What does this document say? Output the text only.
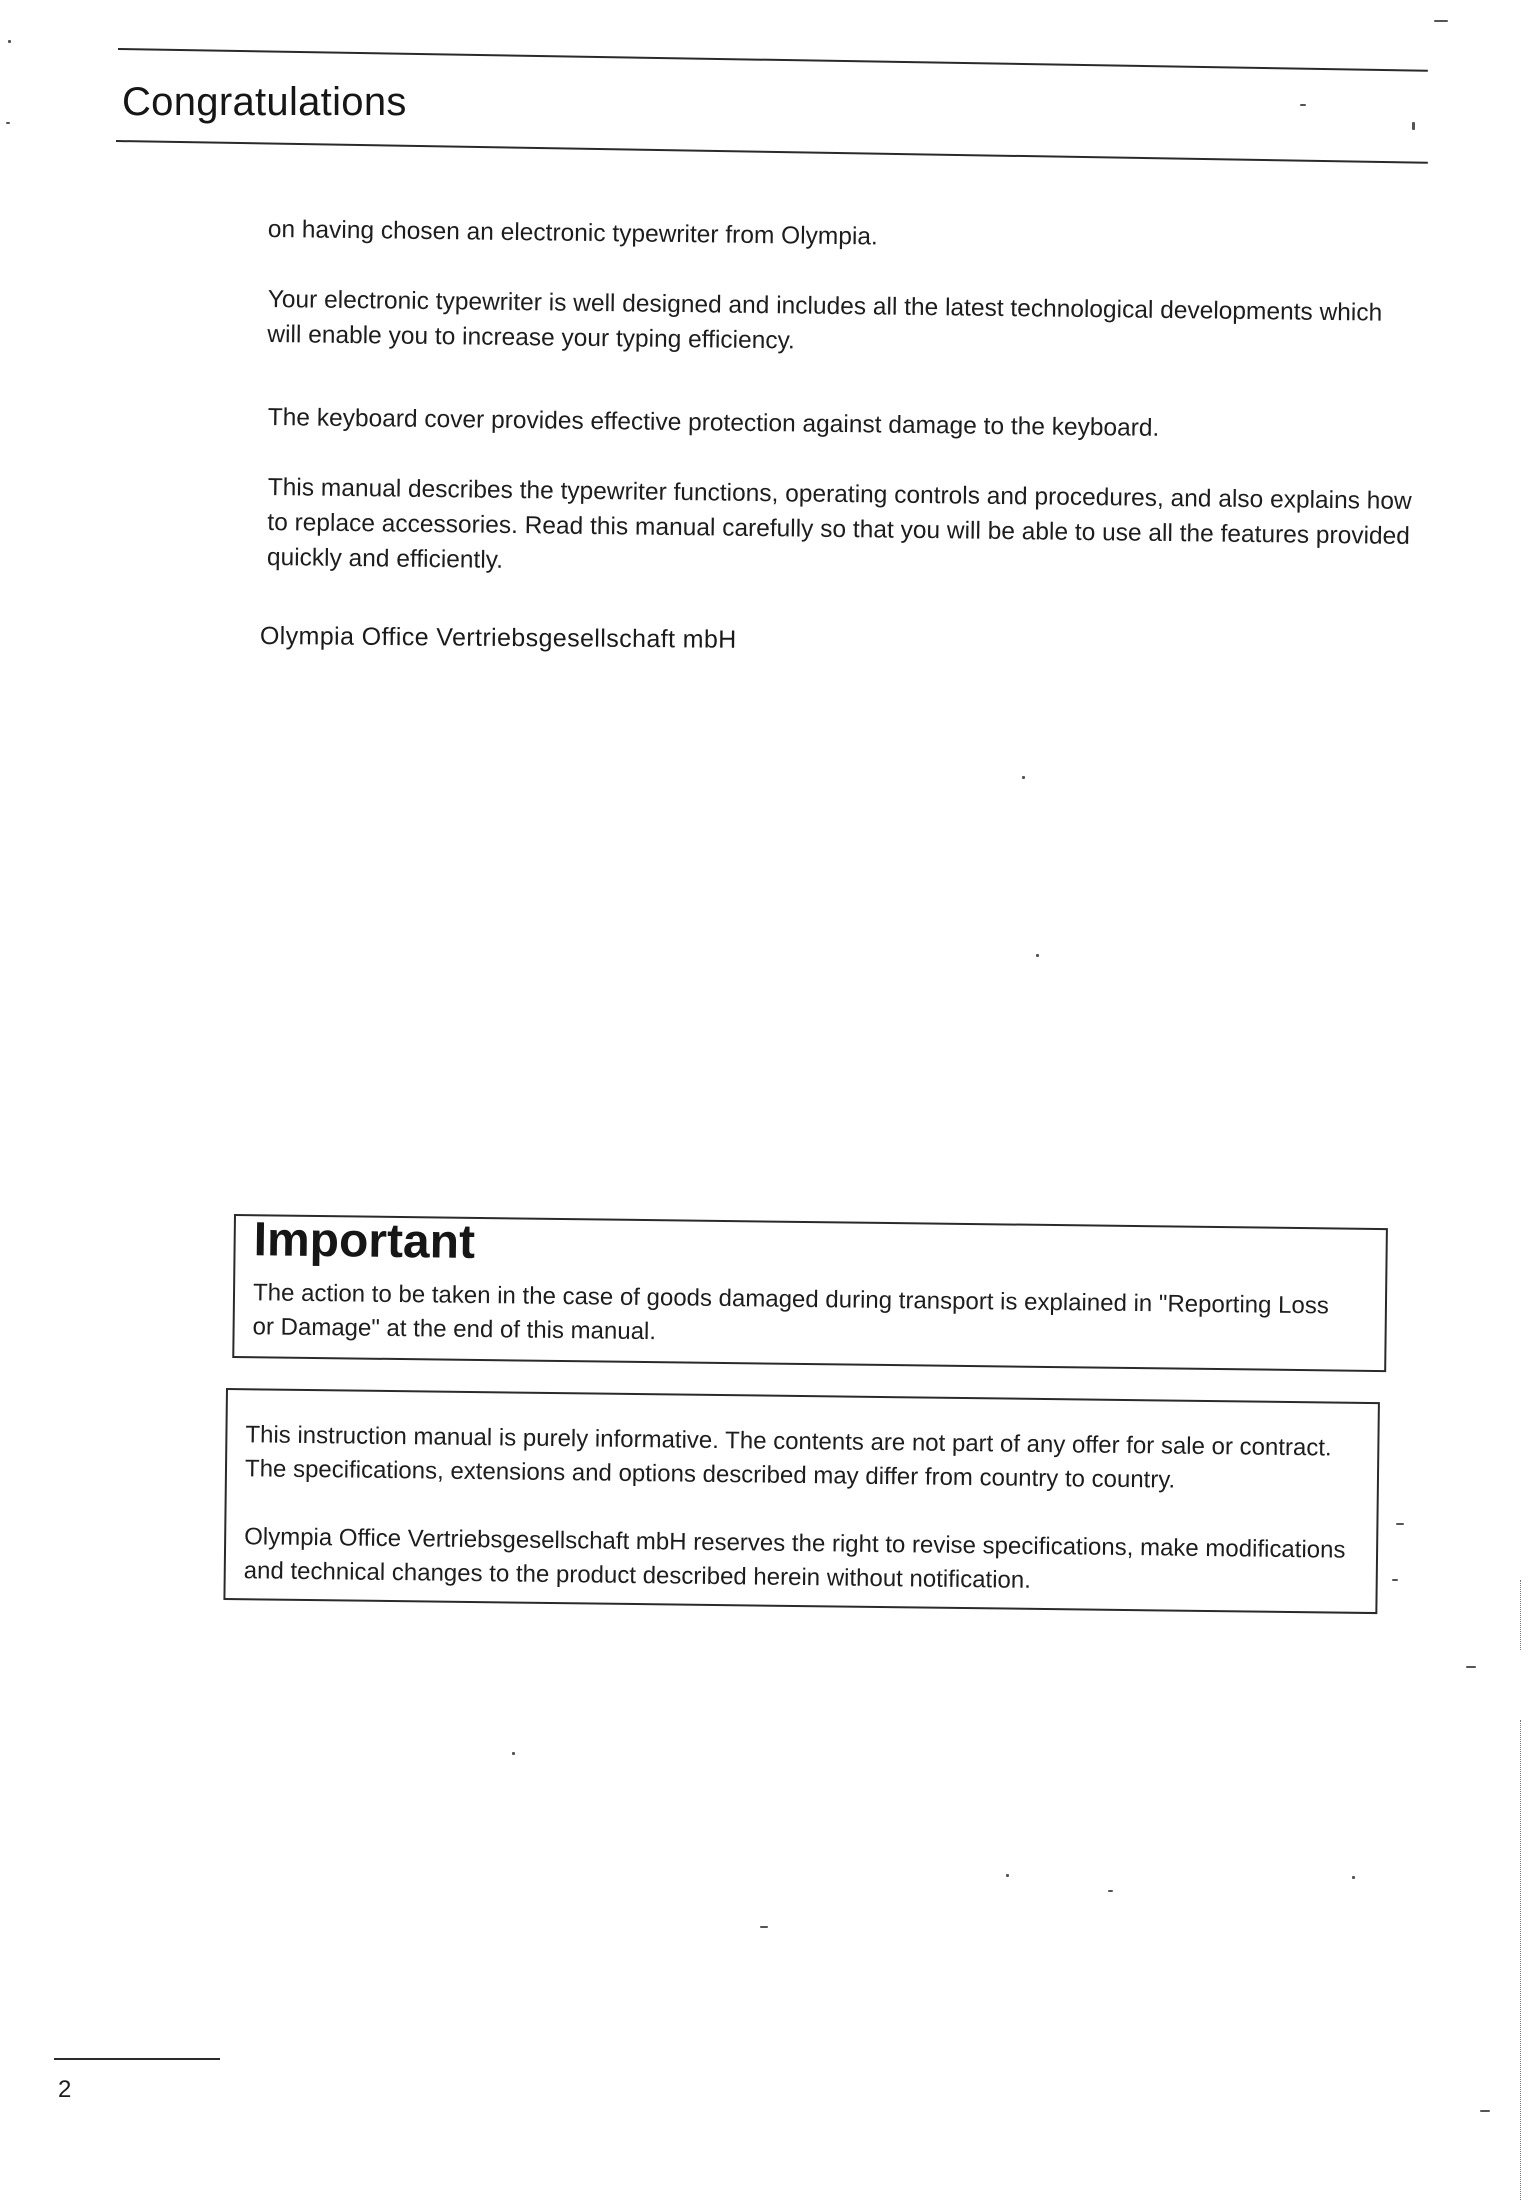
Congratulations

on having chosen an electronic typewriter from Olympia.

Your electronic typewriter is well designed and includes all the latest technological developments which will enable you to increase your typing efficiency.

The keyboard cover provides effective protection against damage to the keyboard.

This manual describes the typewriter functions, operating controls and procedures, and also explains how to replace accessories. Read this manual carefully so that you will be able to use all the features provided quickly and efficiently.

Olympia Office Vertriebsgesellschaft mbH

Important

The action to be taken in the case of goods damaged during transport is explained in "Reporting Loss or Damage" at the end of this manual.

This instruction manual is purely informative. The contents are not part of any offer for sale or contract. The specifications, extensions and options described may differ from country to country.

Olympia Office Vertriebsgesellschaft mbH reserves the right to revise specifications, make modifications and technical changes to the product described herein without notification.

2
